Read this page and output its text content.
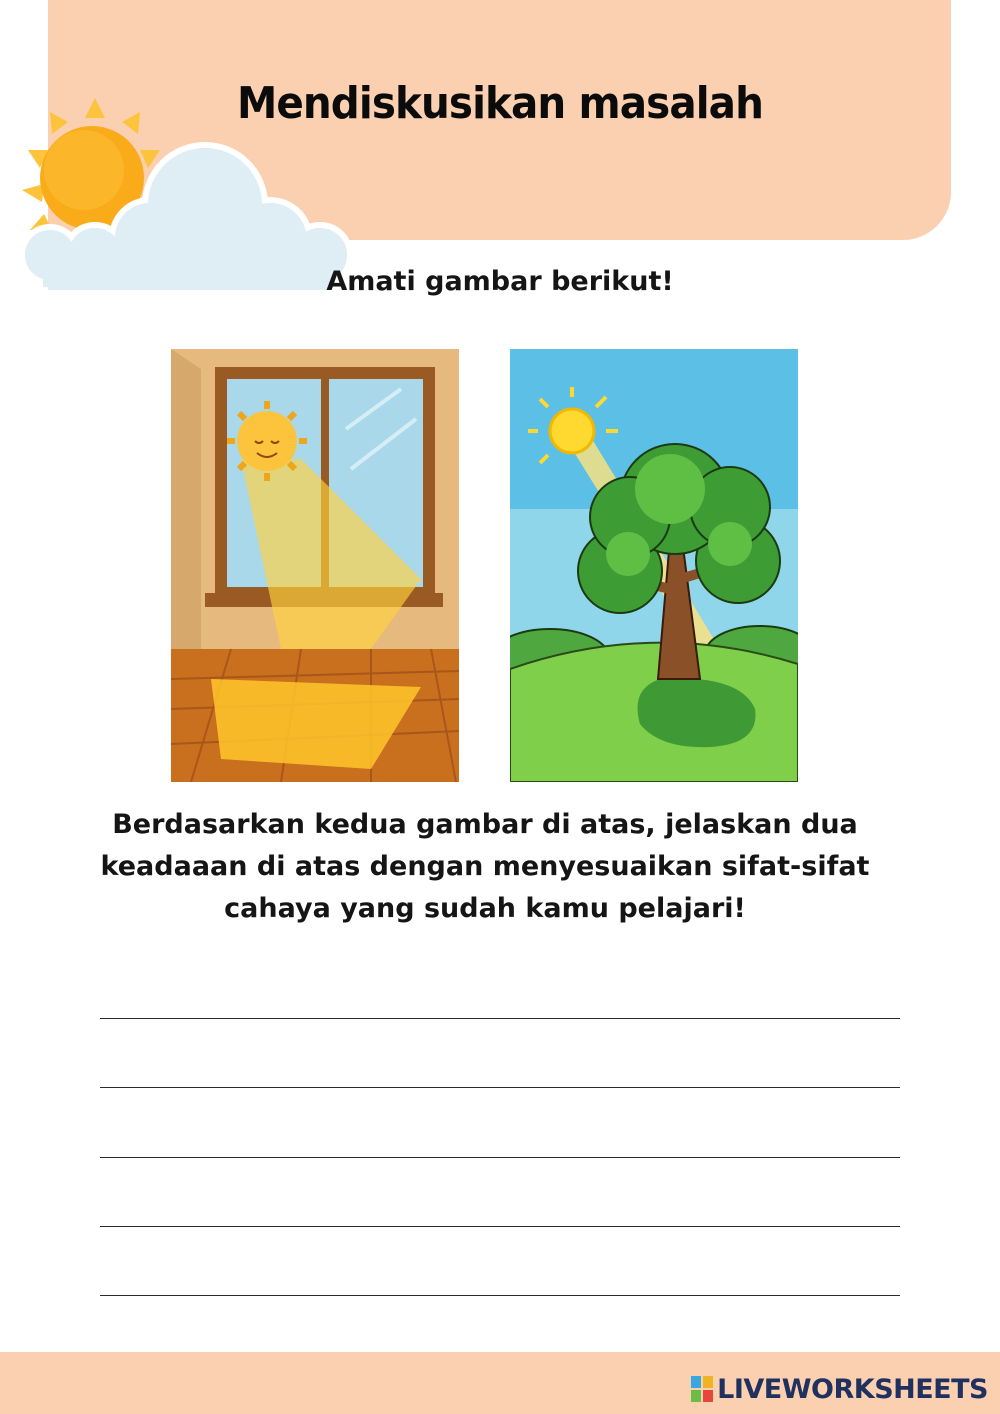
Mendiskusikan masalah
Amati gambar berikut!
Berdasarkan kedua gambar di atas, jelaskan dua keadaaan di atas dengan menyesuaikan sifat-sifat cahaya yang sudah kamu pelajari!
LIVEWORKSHEETS
